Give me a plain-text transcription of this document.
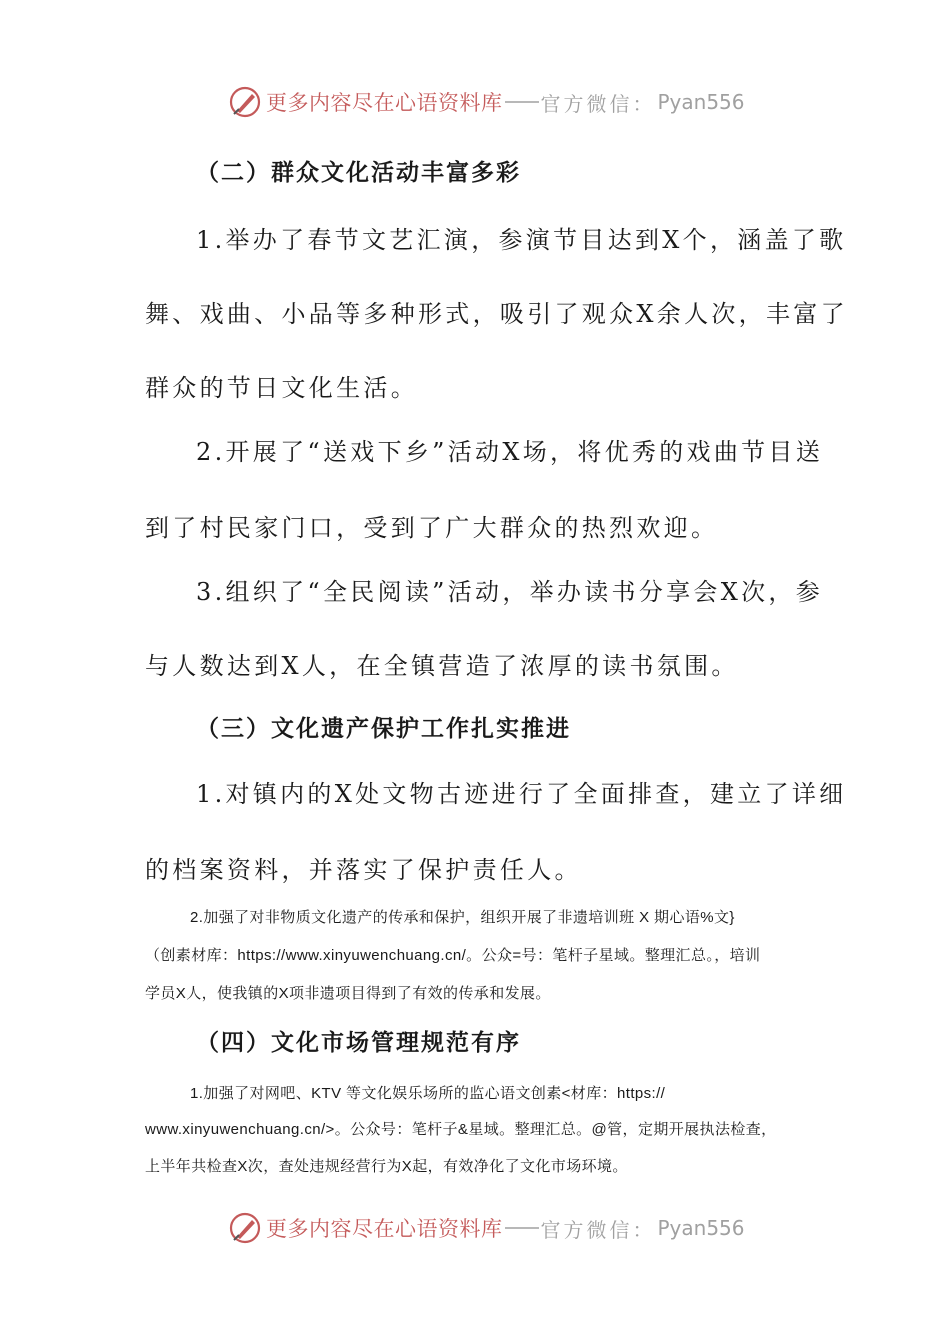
更多内容尽在心语资料库 官方微信： Pyan556
（二）群众文化活动丰富多彩
1.举办了春节文艺汇演，参演节目达到X个，涵盖了歌
舞、戏曲、小品等多种形式，吸引了观众X余人次，丰富了
群众的节日文化生活。
2.开展了“送戏下乡”活动X场，将优秀的戏曲节目送
到了村民家门口，受到了广大群众的热烈欢迎。
3.组织了“全民阅读”活动，举办读书分享会X次，参
与人数达到X人，在全镇营造了浓厚的读书氛围。
（三）文化遗产保护工作扎实推进
1.对镇内的X处文物古迹进行了全面排查，建立了详细
的档案资料，并落实了保护责任人。
2.加强了对非物质文化遗产的传承和保护，组织开展了非遗培训班 X 期心语%文}
（创素材库：https://www.xinyuwenchuang.cn/。公众=号：笔杆子星域。整理汇总。，培训
学员X人，使我镇的X项非遗项目得到了有效的传承和发展。
（四）文化市场管理规范有序
1.加强了对网吧、KTV 等文化娱乐场所的监心语文创素<材库：https://
www.xinyuwenchuang.cn/>。公众号：笔杆子&星域。整理汇总。@管，定期开展执法检查，
上半年共检查X次，查处违规经营行为X起，有效净化了文化市场环境。
更多内容尽在心语资料库 官方微信： Pyan556
